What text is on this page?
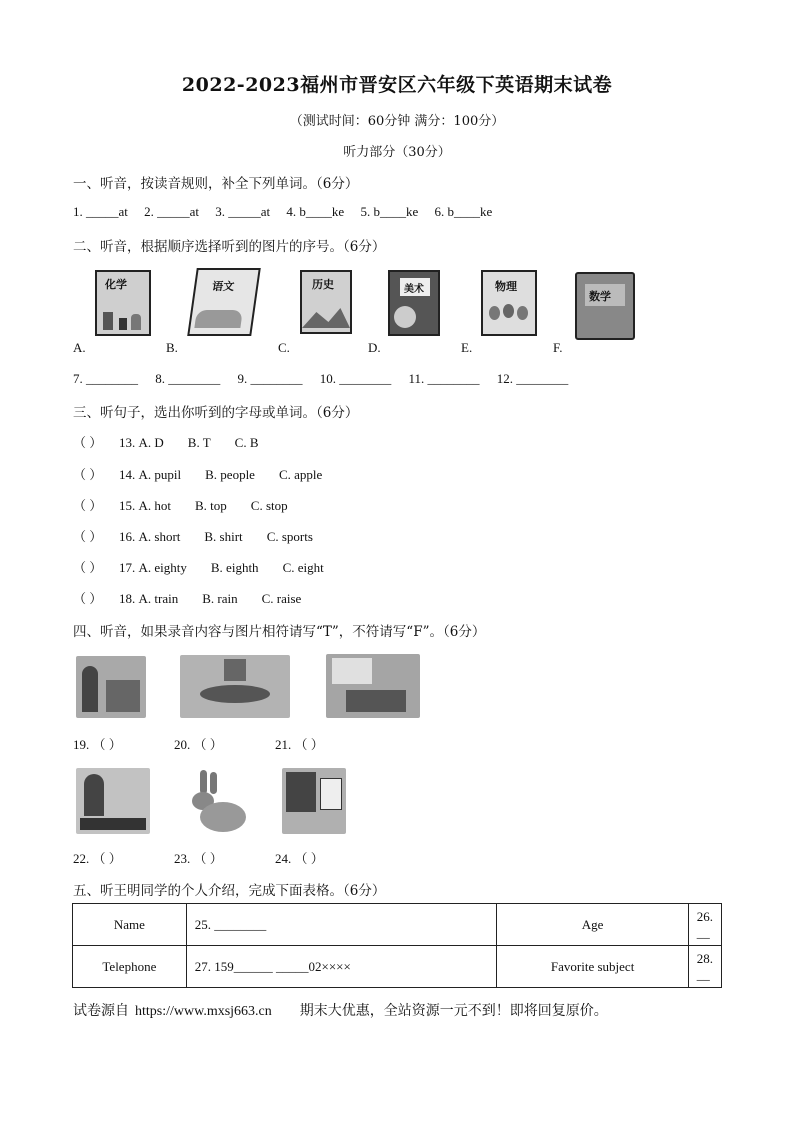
2022-2023福州市晋安区六年级下英语期末试卷
（测试时间：60分钟 满分：100分）
听力部分（30分）
一、听音，按读音规则，补全下列单词。（6分）
1. _____at 2. _____at 3. _____at 4. b____ke 5. b____ke 6. b____ke
二、听音，根据顺序选择听到的图片的序号。（6分）
化学
A.
语文
B.
历史
C.
美术
D.
物理
E.
数学
F.
7. ________ 8. ________ 9. ________ 10. ________ 11. ________ 12. ________
三、听句子，选出你听到的字母或单词。（6分）
（ ） 13. A. D B. T C. B
（ ） 14. A. pupil B. people C. apple
（ ） 15. A. hot B. top C. stop
（ ） 16. A. short B. shirt C. sports
（ ） 17. A. eighty B. eighth C. eight
（ ） 18. A. train B. rain C. raise
四、听音，如果录音内容与图片相符请写“T”，不符请写“F”。（6分）
19. （ ）	20. （ ）	21. （ ）
22. （ ）	23. （ ）	24. （ ）
五、听王明同学的个人介绍，完成下面表格。（6分）
Name	25. ________	Age	26. __
Telephone	27. 159______ _____02××××	Favorite subject	28. __
试卷源自 https://www.mxsj663.cn 期末大优惠，全站资源一元不到！即将回复原价。
